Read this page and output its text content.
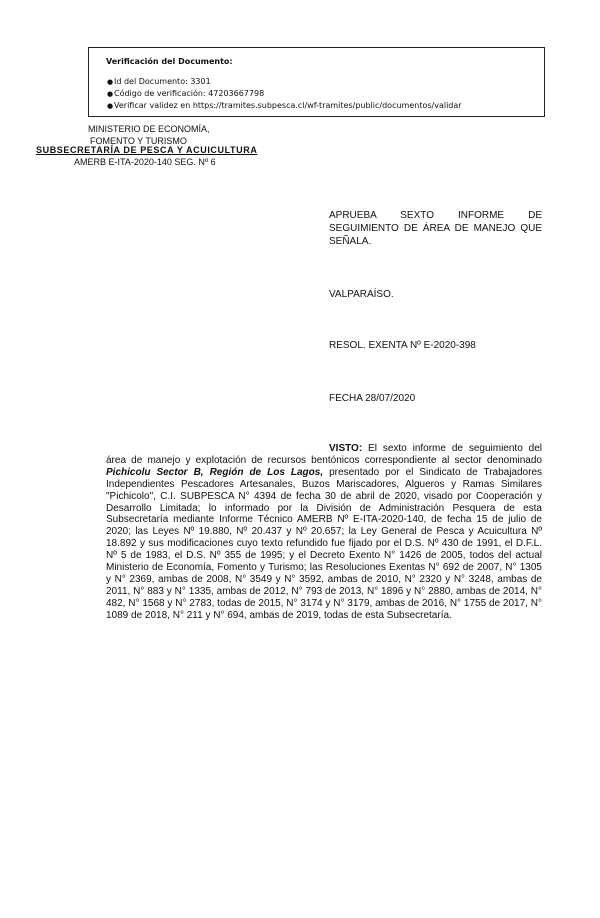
Verificación del Documento:
●Id del Documento: 3301
●Código de verificación: 47203667798
●Verificar validez en https://tramites.subpesca.cl/wf-tramites/public/documentos/validar
MINISTERIO DE ECONOMÍA,
FOMENTO Y TURISMO
SUBSECRETARÍA DE PESCA Y ACUICULTURA
AMERB E-ITA-2020-140 SEG. Nº 6
APRUEBA SEXTO INFORME DE SEGUIMIENTO DE ÁREA DE MANEJO QUE SEÑALA.
VALPARAÍSO.
RESOL. EXENTA Nº E-2020-398
FECHA 28/07/2020
VISTO: El sexto informe de seguimiento del área de manejo y explotación de recursos bentónicos correspondiente al sector denominado Pichicolu Sector B, Región de Los Lagos, presentado por el Sindicato de Trabajadores Independientes Pescadores Artesanales, Buzos Mariscadores, Algueros y Ramas Similares "Pichicolo", C.I. SUBPESCA N° 4394 de fecha 30 de abril de 2020, visado por Cooperación y Desarrollo Limitada; lo informado por la División de Administración Pesquera de esta Subsecretaría mediante Informe Técnico AMERB Nº E-ITA-2020-140, de fecha 15 de julio de 2020; las Leyes Nº 19.880, Nº 20.437 y Nº 20.657; la Ley General de Pesca y Acuicultura Nº 18.892 y sus modificaciones cuyo texto refundido fue fijado por el D.S. Nº 430 de 1991, el D.F.L. Nº 5 de 1983, el D.S. Nº 355 de 1995; y el Decreto Exento N° 1426 de 2005, todos del actual Ministerio de Economía, Fomento y Turismo; las Resoluciones Exentas N° 692 de 2007, N° 1305 y N° 2369, ambas de 2008, N° 3549 y N° 3592, ambas de 2010, N° 2320 y N° 3248, ambas de 2011, N° 883 y N° 1335, ambas de 2012, N° 793 de 2013, N° 1896 y N° 2880, ambas de 2014, N° 482, N° 1568 y N° 2783, todas de 2015, N° 3174 y N° 3179, ambas de 2016, N° 1755 de 2017, N° 1089 de 2018, N° 211 y N° 694, ambas de 2019, todas de esta Subsecretaría.
